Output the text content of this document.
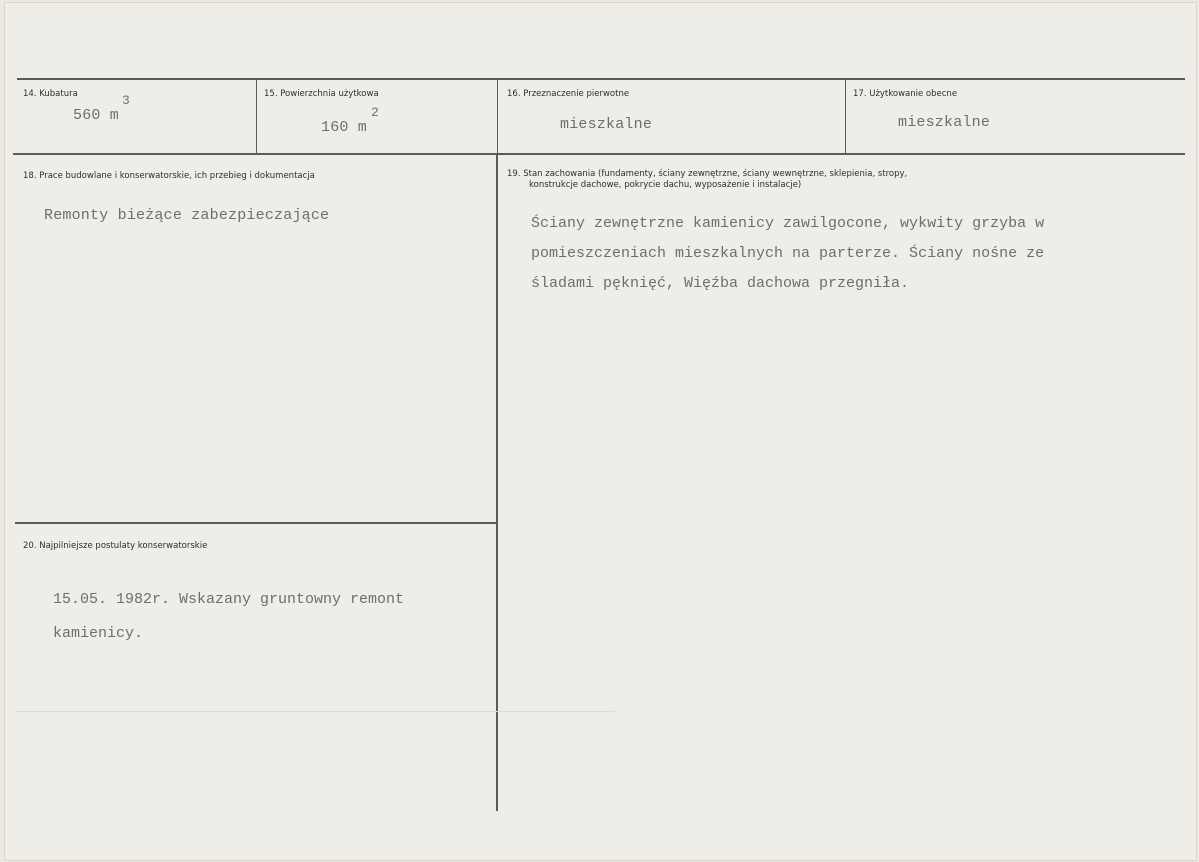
14. Kubatura
560 m
3	15. Powierzchnia użytkowa
160 m
2
16. Przeznaczenie pierwotne
mieszkalne
17. Użytkowanie obecne
mieszkalne
18. Prace budowlane i konserwatorskie, ich przebieg i dokumentacja
Remonty bieżące zabezpieczające
19. Stan zachowania (fundamenty, ściany zewnętrzne, ściany wewnętrzne, sklepienia, stropy,
konstrukcje dachowe, pokrycie dachu, wyposażenie i instalacje)
Ściany zewnętrzne kamienicy zawilgocone, wykwity grzyba w
pomieszczeniach mieszkalnych na parterze. Ściany nośne ze
śladami pęknięć, Więźba dachowa przegniła.
20. Najpilniejsze postulaty konserwatorskie
15.05. 1982r. Wskazany gruntowny remont
kamienicy.
